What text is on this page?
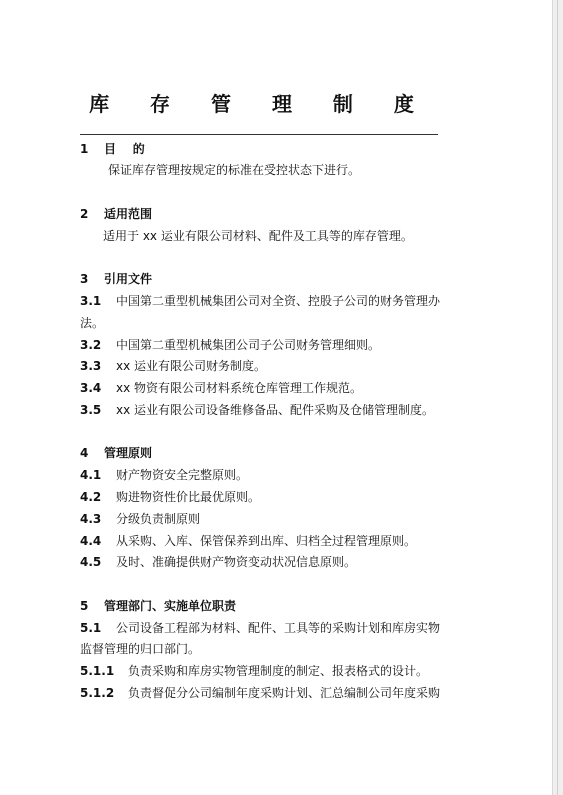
库 存 管 理 制 度
1 目    的
保证库存管理按规定的标准在受控状态下进行。
2 适用范围
适用于 xx 运业有限公司材料、配件及工具等的库存管理。
3 引用文件
3.1 中国第二重型机械集团公司对全资、控股子公司的财务管理办
法。
3.2 中国第二重型机械集团公司子公司财务管理细则。
3.3 xx 运业有限公司财务制度。
3.4 xx 物资有限公司材料系统仓库管理工作规范。
3.5 xx 运业有限公司设备维修备品、配件采购及仓储管理制度。
4 管理原则
4.1 财产物资安全完整原则。
4.2 购进物资性价比最优原则。
4.3 分级负责制原则
4.4 从采购、入库、保管保养到出库、归档全过程管理原则。
4.5 及时、准确提供财产物资变动状况信息原则。
5 管理部门、实施单位职责
5.1 公司设备工程部为材料、配件、工具等的采购计划和库房实物
监督管理的归口部门。
5.1.1 负责采购和库房实物管理制度的制定、报表格式的设计。
5.1.2 负责督促分公司编制年度采购计划、汇总编制公司年度采购
